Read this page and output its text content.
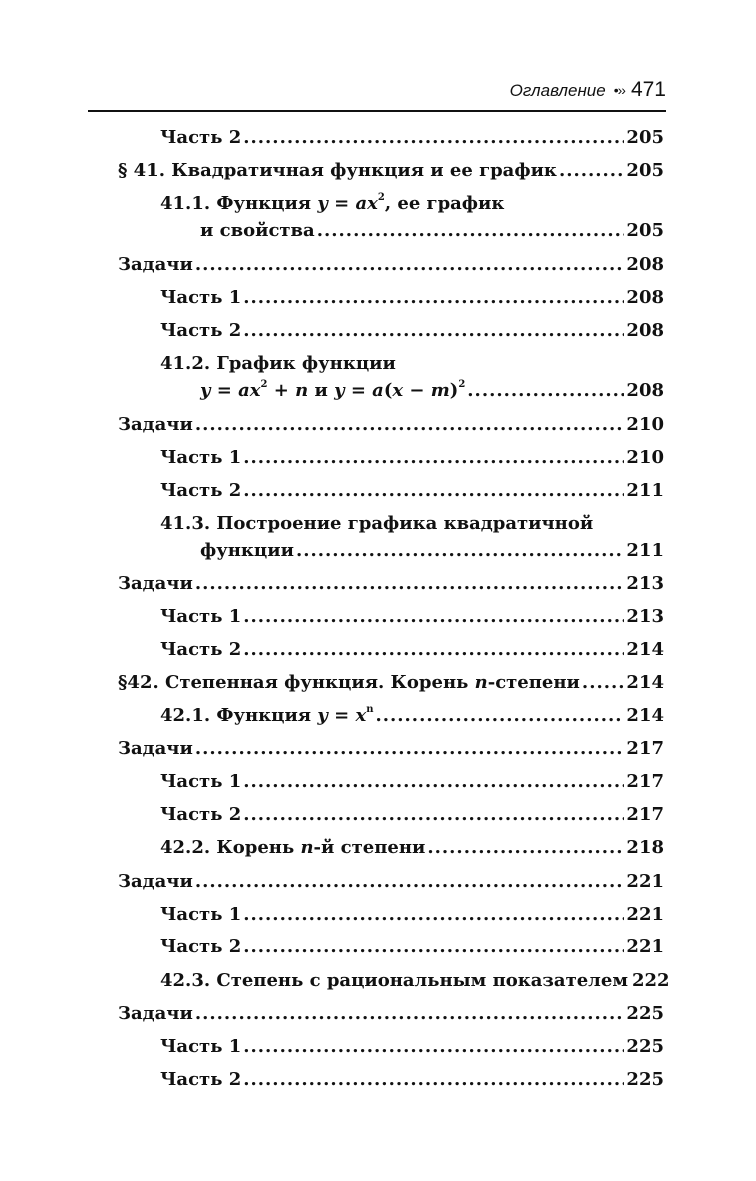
Оглавление •›› 471
Часть 2 .....	205
§ 41. Квадратичная функция и ее график .....	205
41.1. Функция $y = ax^2$, ее график
и свойства .....	205
Задачи .....	208
Часть 1 .....	208
Часть 2 .....	208
41.2. График функции
$y = ax^2 + n$ и $y = a(x - m)^2$ .....	208
Задачи .....	210
Часть 1 .....	210
Часть 2 .....	211
41.3. Построение графика квадратичной
функции .....	211
Задачи .....	213
Часть 1 .....	213
Часть 2 .....	214
§42. Степенная функция. Корень n-степени .....	214
42.1. Функция $y = x^n$ .....	214
Задачи .....	217
Часть 1 .....	217
Часть 2 .....	217
42.2. Корень n-й степени .....	218
Задачи .....	221
Часть 1 .....	221
Часть 2 .....	221
42.3. Степень с рациональным показателем 222
Задачи .....	225
Часть 1 .....	225
Часть 2 .....	225
